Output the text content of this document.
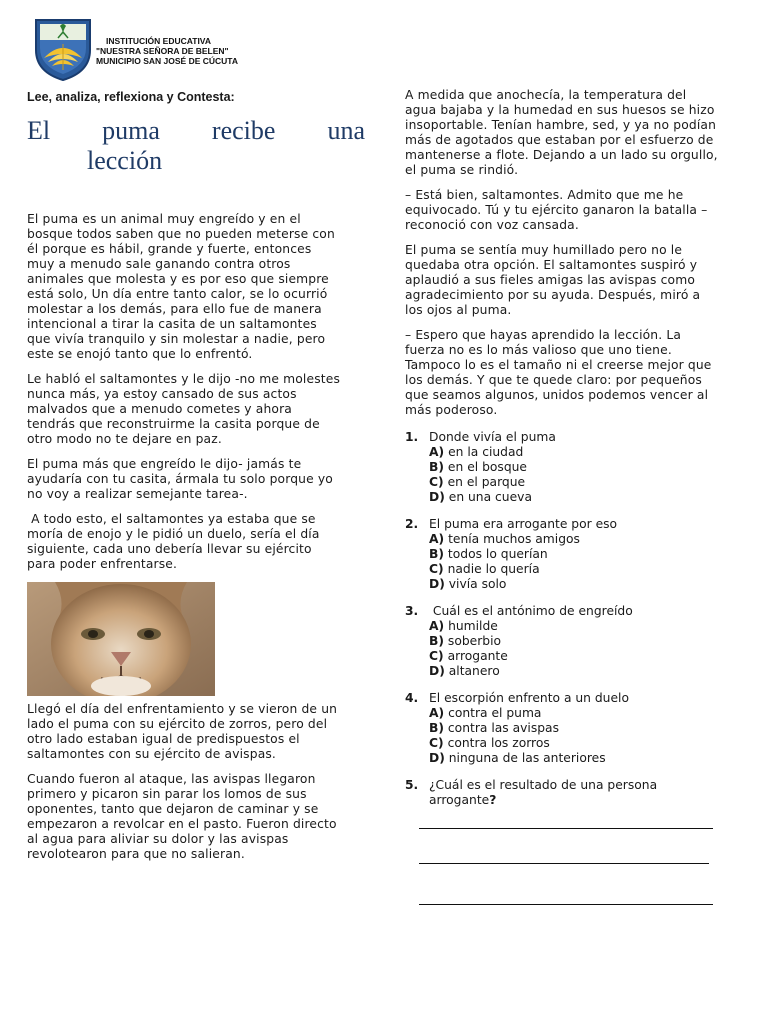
INSTITUCIÓN EDUCATIVA
"NUESTRA SEÑORA DE BELEN"
MUNICIPIO SAN JOSÉ DE CÚCUTA
Lee, analiza, reflexiona y Contesta:
El puma recibe una
lección

El puma es un animal muy engreído y en el bosque todos saben que no pueden meterse con él porque es hábil, grande y fuerte, entonces muy a menudo sale ganando contra otros animales que molesta y es por eso que siempre está solo, Un día entre tanto calor, se lo ocurrió molestar a los demás, para ello fue de manera intencional a tirar la casita de un saltamontes que vivía tranquilo y sin molestar a nadie, pero este se enojó tanto que lo enfrentó.

Le habló el saltamontes y le dijo -no me molestes nunca más, ya estoy cansado de sus actos malvados que a menudo cometes y ahora tendrás que reconstruirme la casita porque de otro modo no te dejare en paz.

El puma más que engreído le dijo- jamás te ayudaría con tu casita, ármala tu solo porque yo no voy a realizar semejante tarea-.

A todo esto, el saltamontes ya estaba que se moría de enojo y le pidió un duelo, sería el día siguiente, cada uno debería llevar su ejército para poder enfrentarse.

Llegó el día del enfrentamiento y se vieron de un lado el puma con su ejército de zorros, pero del otro lado estaban igual de predispuestos el saltamontes con su ejército de avispas.

Cuando fueron al ataque, las avispas llegaron primero y picaron sin parar los lomos de sus oponentes, tanto que dejaron de caminar y se empezaron a revolcar en el pasto. Fueron directo al agua para aliviar su dolor y las avispas revolotearon para que no salieran.

A medida que anochecía, la temperatura del agua bajaba y la humedad en sus huesos se hizo insoportable. Tenían hambre, sed, y ya no podían más de agotados que estaban por el esfuerzo de mantenerse a flote. Dejando a un lado su orgullo, el puma se rindió.

– Está bien, saltamontes. Admito que me he equivocado. Tú y tu ejército ganaron la batalla – reconoció con voz cansada.

El puma se sentía muy humillado pero no le quedaba otra opción. El saltamontes suspiró y aplaudió a sus fieles amigas las avispas como agradecimiento por su ayuda. Después, miró a los ojos al puma.

– Espero que hayas aprendido la lección. La fuerza no es lo más valioso que uno tiene. Tampoco lo es el tamaño ni el creerse mejor que los demás. Y que te quede claro: por pequeños que seamos algunos, unidos podemos vencer al más poderoso.

1. Donde vivía el puma
A) en la ciudad
B) en el bosque
C) en el parque
D) en una cueva
2. El puma era arrogante por eso
A) tenía muchos amigos
B) todos lo querían
C) nadie lo quería
D) vivía solo
3. Cuál es el antónimo de engreído
A) humilde
B) soberbio
C) arrogante
D) altanero
4. El escorpión enfrento a un duelo
A) contra el puma
B) contra las avispas
C) contra los zorros
D) ninguna de las anteriores
5. ¿Cuál es el resultado de una persona arrogante?
